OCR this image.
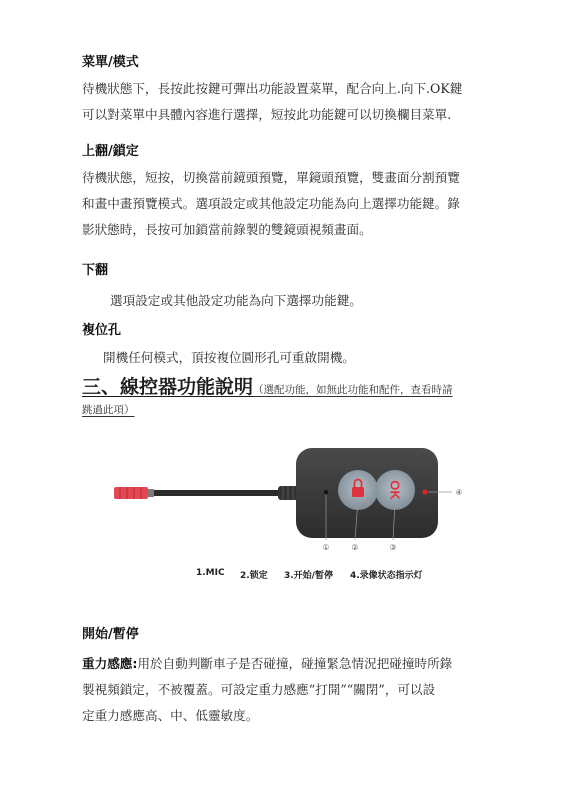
菜單/模式
待機狀態下，長按此按鍵可彈出功能設置菜單，配合向上.向下.OK鍵
可以對菜單中具體內容進行選擇，短按此功能鍵可以切換欄目菜單.
上翻/鎖定
待機狀態，短按，切換當前鏡頭預覽，單鏡頭預覽，雙畫面分割預覽
和畫中畫預覽模式。選項設定或其他設定功能為向上選擇功能鍵。錄
影狀態時，長按可加鎖當前錄製的雙鏡頭視頻畫面。
下翻
選項設定或其他設定功能為向下選擇功能鍵。
複位孔
開機任何模式，頂按複位圓形孔可重啟開機。
三、線控器功能說明（選配功能，如無此功能和配件，查看時請
跳過此項）
OK
①	②	③
④
1.MIC 2.锁定 3.开始/暂停 4.录像状态指示灯
開始/暫停
重力感應:用於自動判斷車子是否碰撞，碰撞緊急情況把碰撞時所錄
製視頻鎖定，不被覆蓋。可設定重力感應“打開”“關閉”，可以設
定重力感應高、中、低靈敏度。
